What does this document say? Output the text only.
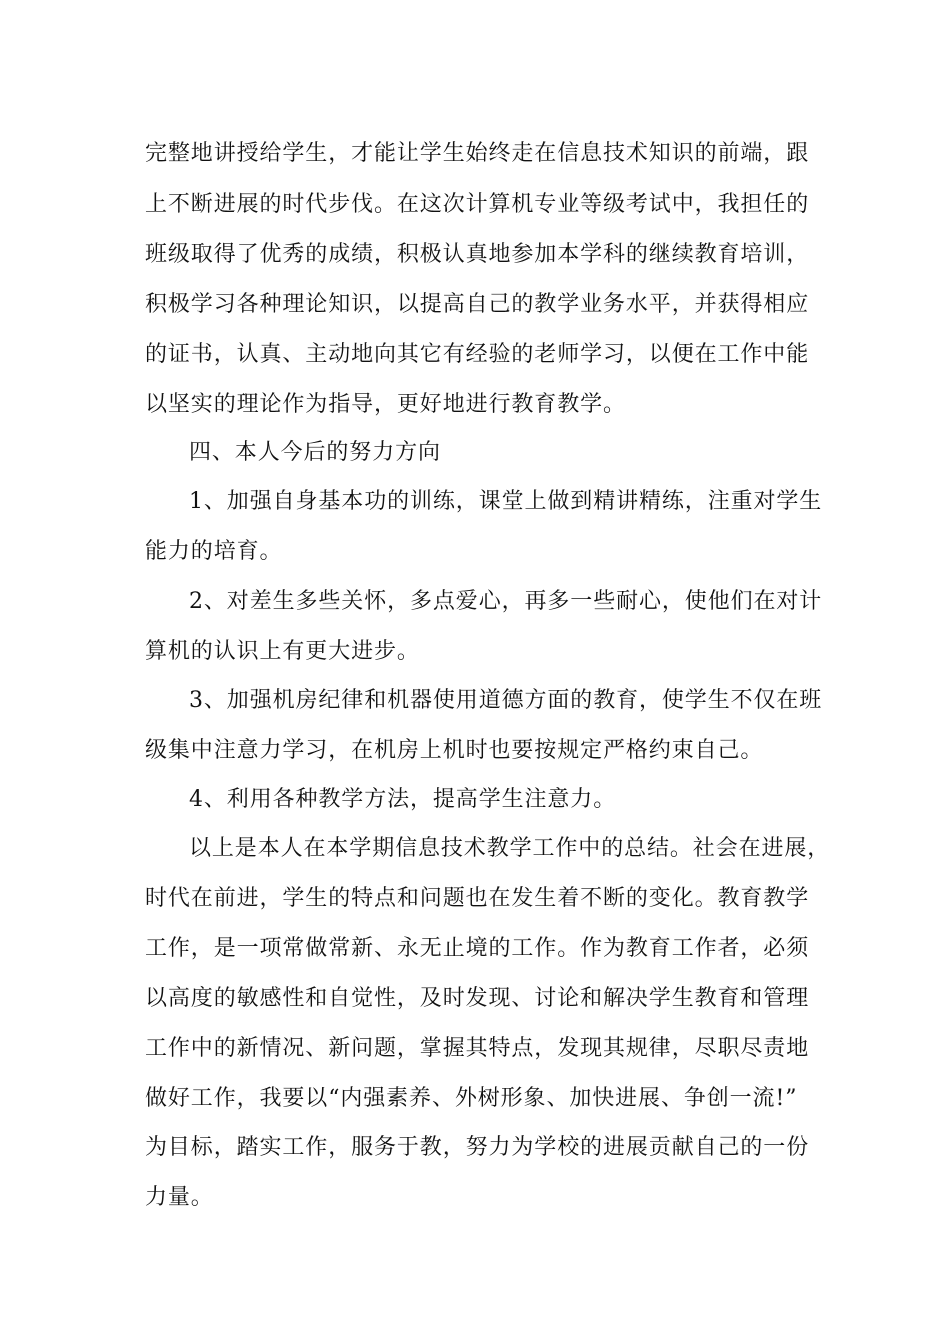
完整地讲授给学生，才能让学生始终走在信息技术知识的前端，跟
上不断进展的时代步伐。在这次计算机专业等级考试中，我担任的
班级取得了优秀的成绩，积极认真地参加本学科的继续教育培训，
积极学习各种理论知识，以提高自己的教学业务水平，并获得相应
的证书，认真、主动地向其它有经验的老师学习，以便在工作中能
以坚实的理论作为指导，更好地进行教育教学。
四、本人今后的努力方向
1、加强自身基本功的训练，课堂上做到精讲精练，注重对学生
能力的培育。
2、对差生多些关怀，多点爱心，再多一些耐心，使他们在对计
算机的认识上有更大进步。
3、加强机房纪律和机器使用道德方面的教育，使学生不仅在班
级集中注意力学习，在机房上机时也要按规定严格约束自己。
4、利用各种教学方法，提高学生注意力。
以上是本人在本学期信息技术教学工作中的总结。社会在进展，
时代在前进，学生的特点和问题也在发生着不断的变化。教育教学
工作，是一项常做常新、永无止境的工作。作为教育工作者，必须
以高度的敏感性和自觉性，及时发现、讨论和解决学生教育和管理
工作中的新情况、新问题，掌握其特点，发现其规律，尽职尽责地
做好工作，我要以“内强素养、外树形象、加快进展、争创一流!”
为目标，踏实工作，服务于教，努力为学校的进展贡献自己的一份
力量。
